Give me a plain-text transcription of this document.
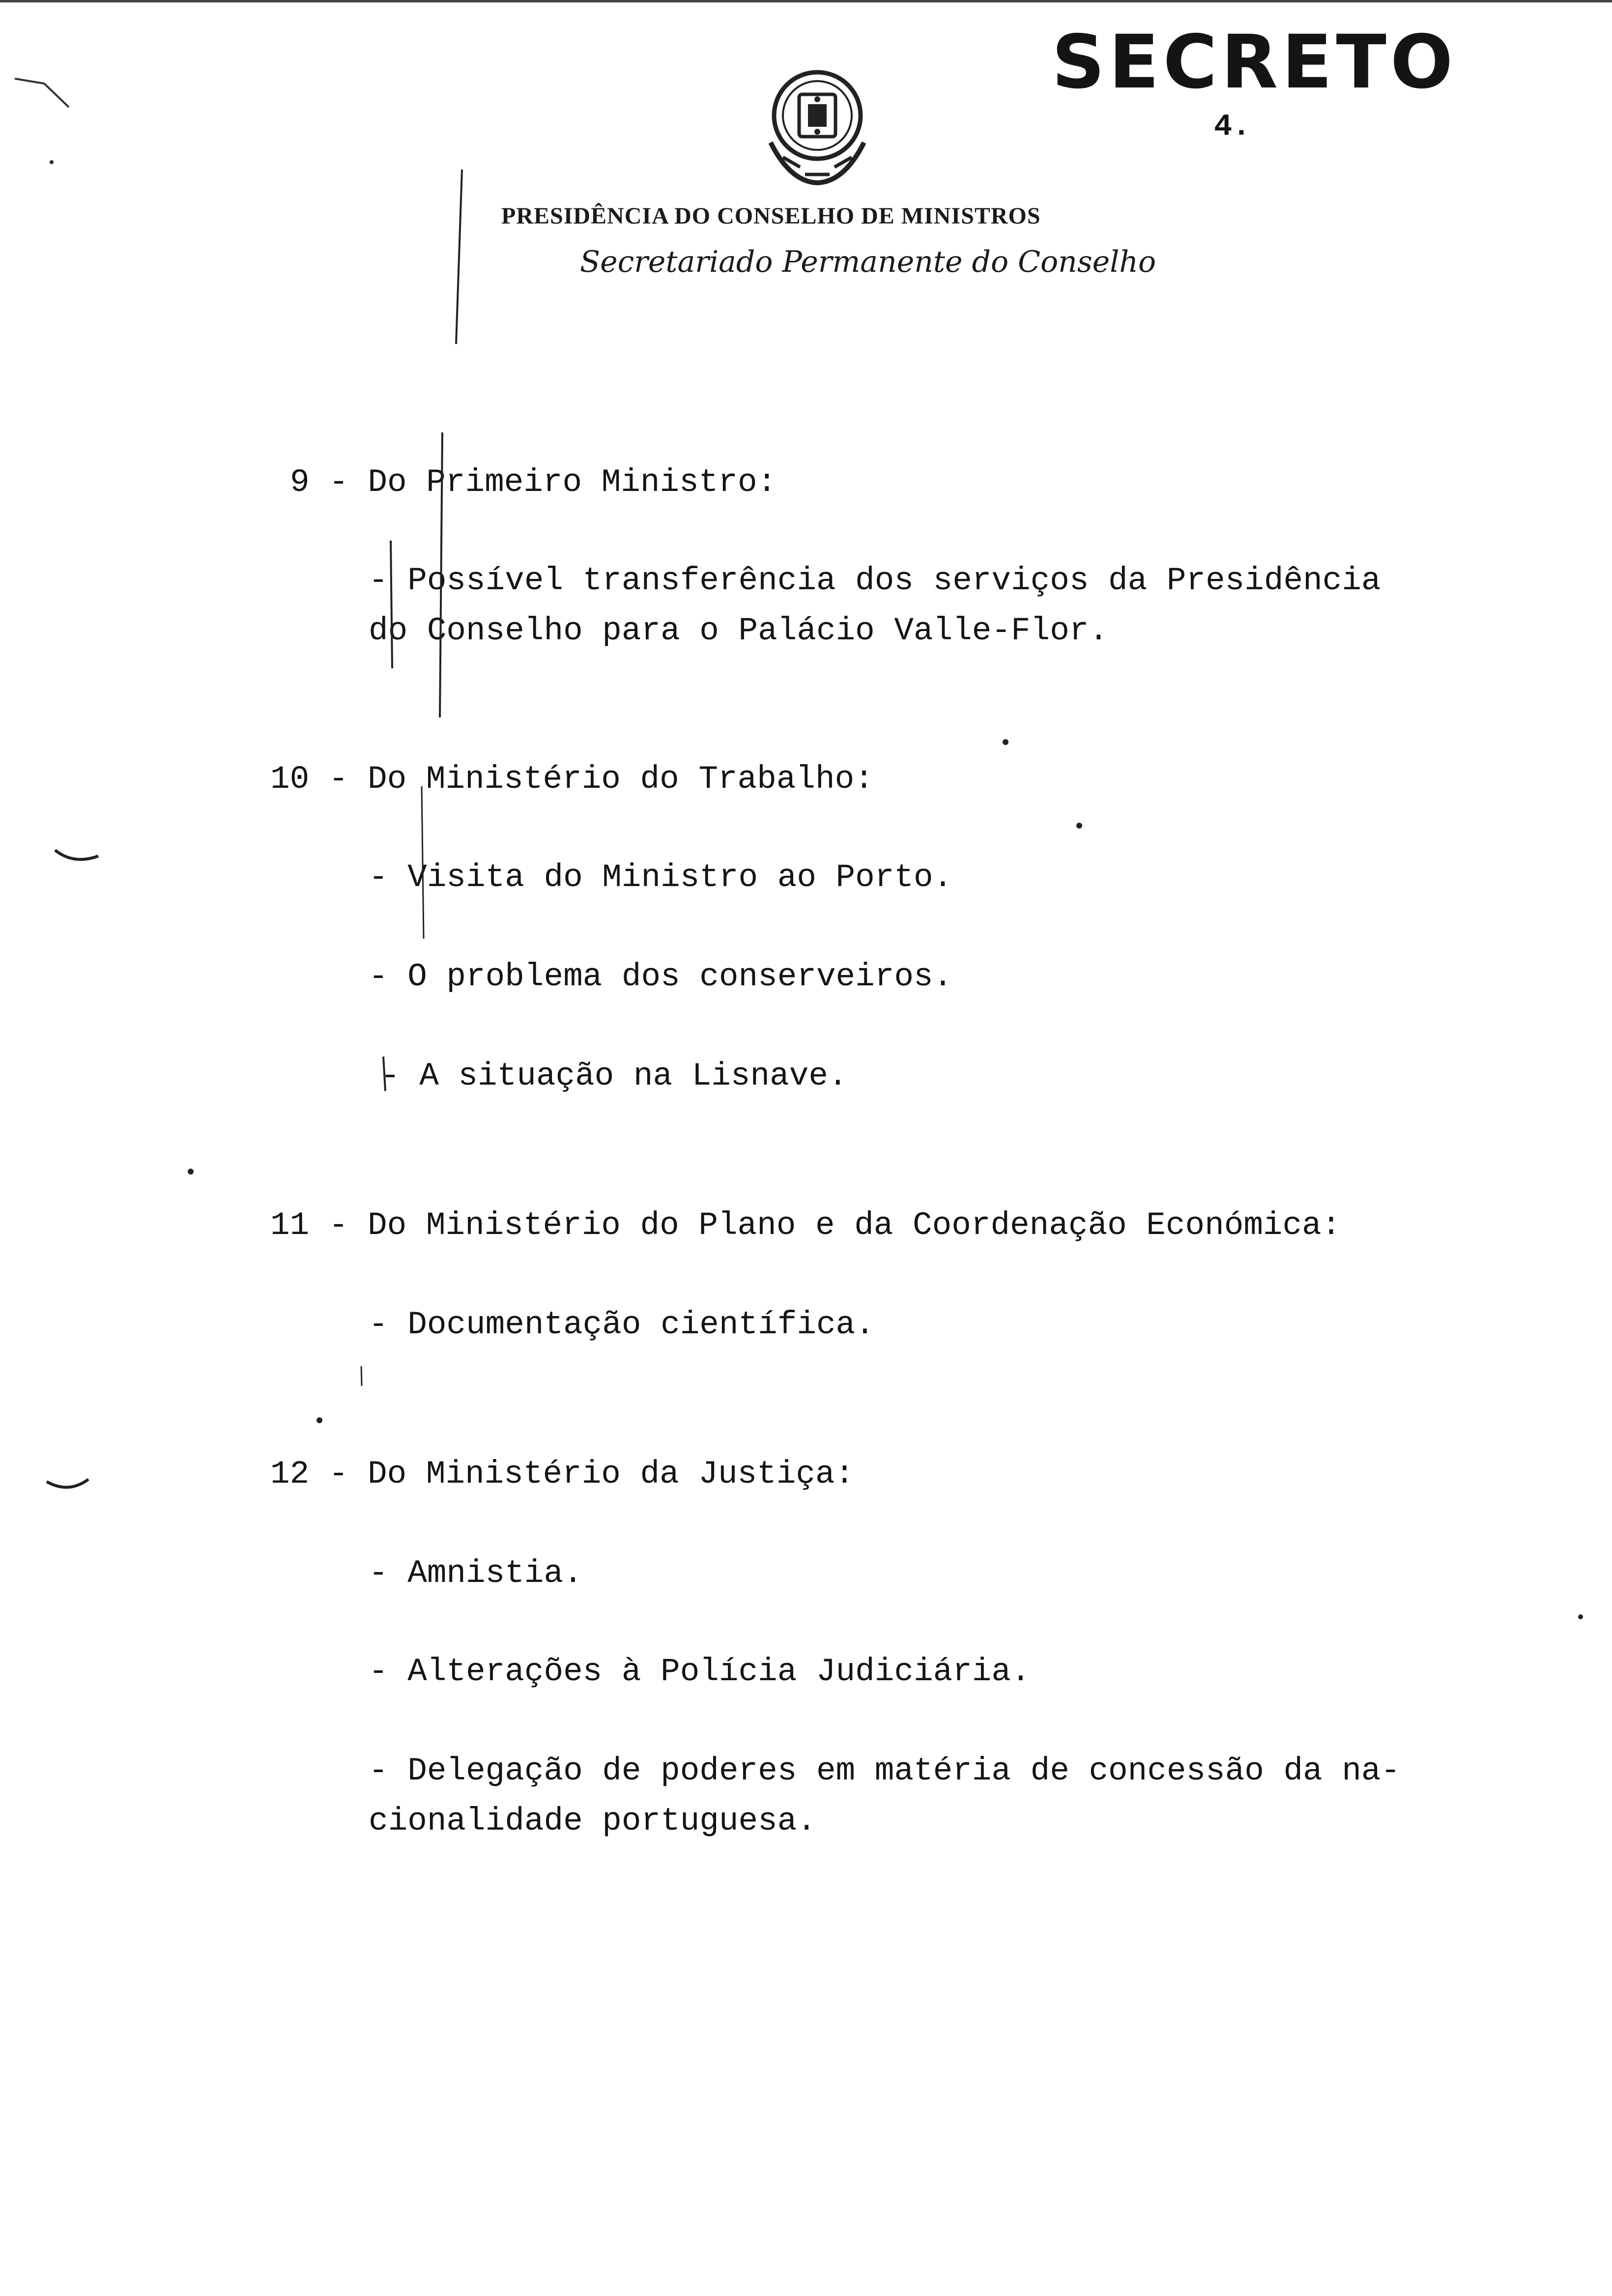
SECRETO
4.
PRESIDÊNCIA DO CONSELHO DE MINISTROS
Secretariado Permanente do Conselho
9 - Do Primeiro Ministro:
- Possível transferência dos serviços da Presidência
do Conselho para o Palácio Valle-Flor.
10 - Do Ministério do Trabalho:
- Visita do Ministro ao Porto.
- O problema dos conserveiros.
- A situação na Lisnave.
11 - Do Ministério do Plano e da Coordenação Económica:
- Documentação científica.
12 - Do Ministério da Justiça:
- Amnistia.
- Alterações à Polícia Judiciária.
- Delegação de poderes em matéria de concessão da na-
cionalidade portuguesa.
